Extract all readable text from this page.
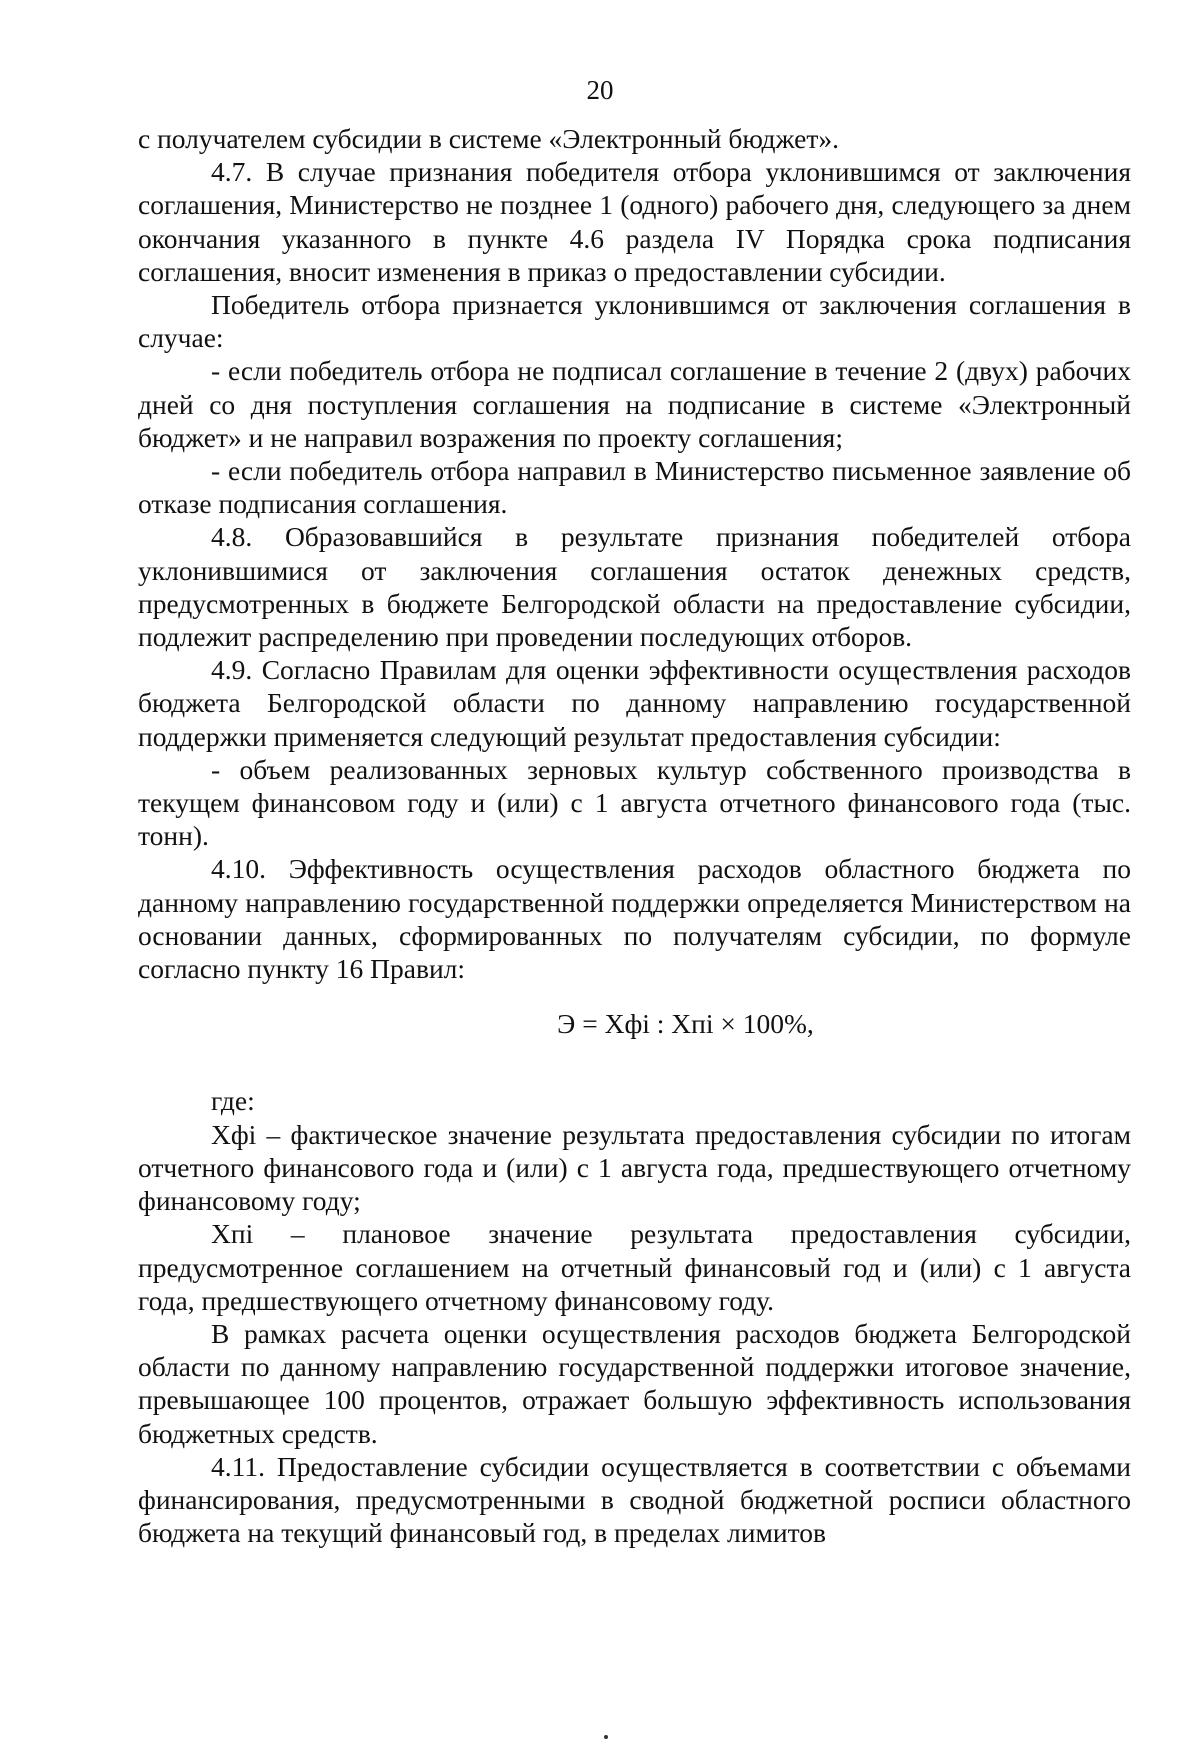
20

с получателем субсидии в системе «Электронный бюджет».

4.7. В случае признания победителя отбора уклонившимся от заключения соглашения, Министерство не позднее 1 (одного) рабочего дня, следующего за днем окончания указанного в пункте 4.6 раздела IV Порядка срока подписания соглашения, вносит изменения в приказ о предоставлении субсидии.

Победитель отбора признается уклонившимся от заключения соглашения в случае:

- если победитель отбора не подписал соглашение в течение 2 (двух) рабочих дней со дня поступления соглашения на подписание в системе «Электронный бюджет» и не направил возражения по проекту соглашения;

- если победитель отбора направил в Министерство письменное заявление об отказе подписания соглашения.

4.8. Образовавшийся в результате признания победителей отбора уклонившимися от заключения соглашения остаток денежных средств, предусмотренных в бюджете Белгородской области на предоставление субсидии, подлежит распределению при проведении последующих отборов.

4.9. Согласно Правилам для оценки эффективности осуществления расходов бюджета Белгородской области по данному направлению государственной поддержки применяется следующий результат предоставления субсидии:

- объем реализованных зерновых культур собственного производства в текущем финансовом году и (или) с 1 августа отчетного финансового года (тыс. тонн).

4.10. Эффективность осуществления расходов областного бюджета по данному направлению государственной поддержки определяется Министерством на основании данных, сформированных по получателям субсидии, по формуле согласно пункту 16 Правил:

Э = Хфi : Хпi × 100%,

где:

Хфi – фактическое значение результата предоставления субсидии по итогам отчетного финансового года и (или) с 1 августа года, предшествующего отчетному финансовому году;

Хпi – плановое значение результата предоставления субсидии, предусмотренное соглашением на отчетный финансовый год и (или) с 1 августа года, предшествующего отчетному финансовому году.

В рамках расчета оценки осуществления расходов бюджета Белгородской области по данному направлению государственной поддержки итоговое значение, превышающее 100 процентов, отражает большую эффективность использования бюджетных средств.

4.11. Предоставление субсидии осуществляется в соответствии с объемами финансирования, предусмотренными в сводной бюджетной росписи областного бюджета на текущий финансовый год, в пределах лимитов
